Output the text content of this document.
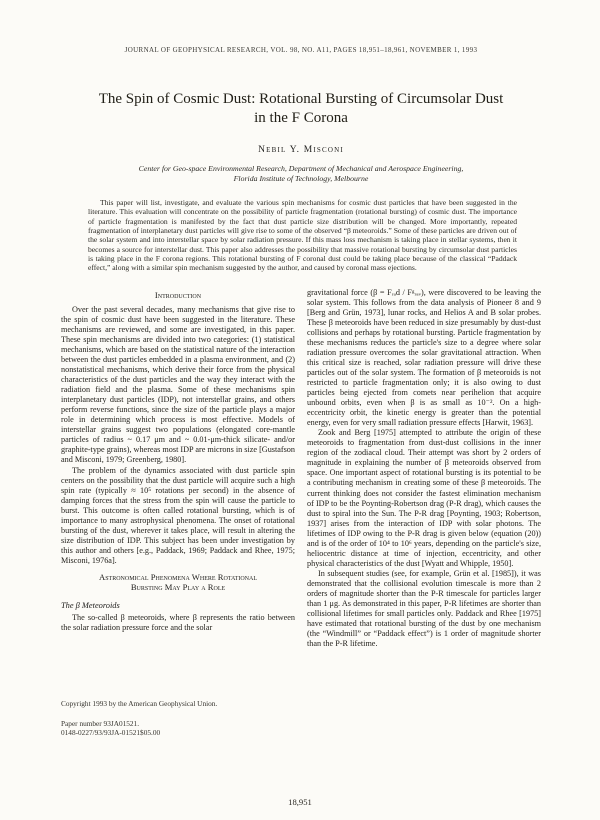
JOURNAL OF GEOPHYSICAL RESEARCH, VOL. 98, NO. A11, PAGES 18,951–18,961, NOVEMBER 1, 1993
The Spin of Cosmic Dust: Rotational Bursting of Circumsolar Dust
in the F Corona
Nebil Y. Misconi
Center for Geo-space Environmental Research, Department of Mechanical and Aerospace Engineering,
Florida Institute of Technology, Melbourne
This paper will list, investigate, and evaluate the various spin mechanisms for cosmic dust particles that have been suggested in the literature. This evaluation will concentrate on the possibility of particle fragmentation (rotational bursting) of cosmic dust. The importance of particle fragmentation is manifested by the fact that dust particle size distribution will be changed. More importantly, repeated fragmentation of interplanetary dust particles will give rise to some of the observed “β meteoroids.” Some of these particles are driven out of the solar system and into interstellar space by solar radiation pressure. If this mass loss mechanism is taking place in stellar systems, then it becomes a source for interstellar dust. This paper also addresses the possibility that massive rotational bursting by circumsolar dust particles is taking place in the F corona regions. This rotational bursting of F coronal dust could be taking place because of the classical “Paddack effect,” along with a similar spin mechanism suggested by the author, and caused by coronal mass ejections.
Introduction

Over the past several decades, many mechanisms that give rise to the spin of cosmic dust have been suggested in the literature. These mechanisms are reviewed, and some are investigated, in this paper. These spin mechanisms are divided into two categories: (1) statistical mechanisms, which are based on the statistical nature of the interaction between the dust particles embedded in a plasma environment, and (2) nonstatistical mechanisms, which derive their force from the physical characteristics of the dust particles and the way they interact with the radiation field and the plasma. Some of these mechanisms spin interplanetary dust particles (IDP), not interstellar grains, and others perform reverse functions, since the size of the particle plays a major role in determining which process is most effective. Models of interstellar grains suggest two populations (elongated core-mantle particles of radius ~ 0.17 μm and ~ 0.01-μm-thick silicate- and/or graphite-type grains), whereas most IDP are microns in size [Gustafson and Misconi, 1979; Greenberg, 1980].

The problem of the dynamics associated with dust particle spin centers on the possibility that the dust particle will acquire such a high spin rate (typically ≈ 10⁵ rotations per second) in the absence of damping forces that the stress from the spin will cause the particle to burst. This outcome is often called rotational bursting, which is of importance to many astrophysical phenomena. The onset of rotational bursting of the dust, wherever it takes place, will result in altering the size distribution of IDP. This subject has been under investigation by this author and others [e.g., Paddack, 1969; Paddack and Rhee, 1975; Misconi, 1976a].

Astronomical Phenomena Where Rotational
Bursting May Play a Role
The β Meteoroids

The so-called β meteoroids, where β represents the ratio between the solar radiation pressure force and the solar

Copyright 1993 by the American Geophysical Union.
Paper number 93JA01521.
0148-0227/93/93JA-01521$05.00

gravitational force (β = Fᵣₐd / Fᵍᵣₐᵥ), were discovered to be leaving the solar system. This follows from the data analysis of Pioneer 8 and 9 [Berg and Grün, 1973], lunar rocks, and Helios A and B solar probes. These β meteoroids have been reduced in size presumably by dust-dust collisions and perhaps by rotational bursting. Particle fragmentation by these mechanisms reduces the particle's size to a degree where solar radiation pressure overcomes the solar gravitational attraction. When this critical size is reached, solar radiation pressure will drive these particles out of the solar system. The formation of β meteoroids is not restricted to particle fragmentation only; it is also owing to dust particles being ejected from comets near perihelion that acquire unbound orbits, even when β is as small as 10⁻². On a high-eccentricity orbit, the kinetic energy is greater than the potential energy, even for very small radiation pressure effects [Harwit, 1963].

Zook and Berg [1975] attempted to attribute the origin of these meteoroids to fragmentation from dust-dust collisions in the inner region of the zodiacal cloud. Their attempt was short by 2 orders of magnitude in explaining the number of β meteoroids observed from space. One important aspect of rotational bursting is its potential to be a contributing mechanism in creating some of these β meteoroids. The current thinking does not consider the fastest elimination mechanism of IDP to be the Poynting-Robertson drag (P-R drag), which causes the dust to spiral into the Sun. The P-R drag [Poynting, 1903; Robertson, 1937] arises from the interaction of IDP with solar photons. The lifetimes of IDP owing to the P-R drag is given below (equation (20)) and is of the order of 10⁴ to 10⁶ years, depending on the particle's size, heliocentric distance at time of injection, eccentricity, and other physical characteristics of the dust [Wyatt and Whipple, 1950].

In subsequent studies (see, for example, Grün et al. [1985]), it was demonstrated that the collisional evolution timescale is more than 2 orders of magnitude shorter than the P-R timescale for particles larger than 1 μg. As demonstrated in this paper, P-R lifetimes are shorter than collisional lifetimes for small particles only. Paddack and Rhee [1975] have estimated that rotational bursting of the dust by one mechanism (the “Windmill” or “Paddack effect”) is 1 order of magnitude shorter than the P-R lifetime.

18,951
